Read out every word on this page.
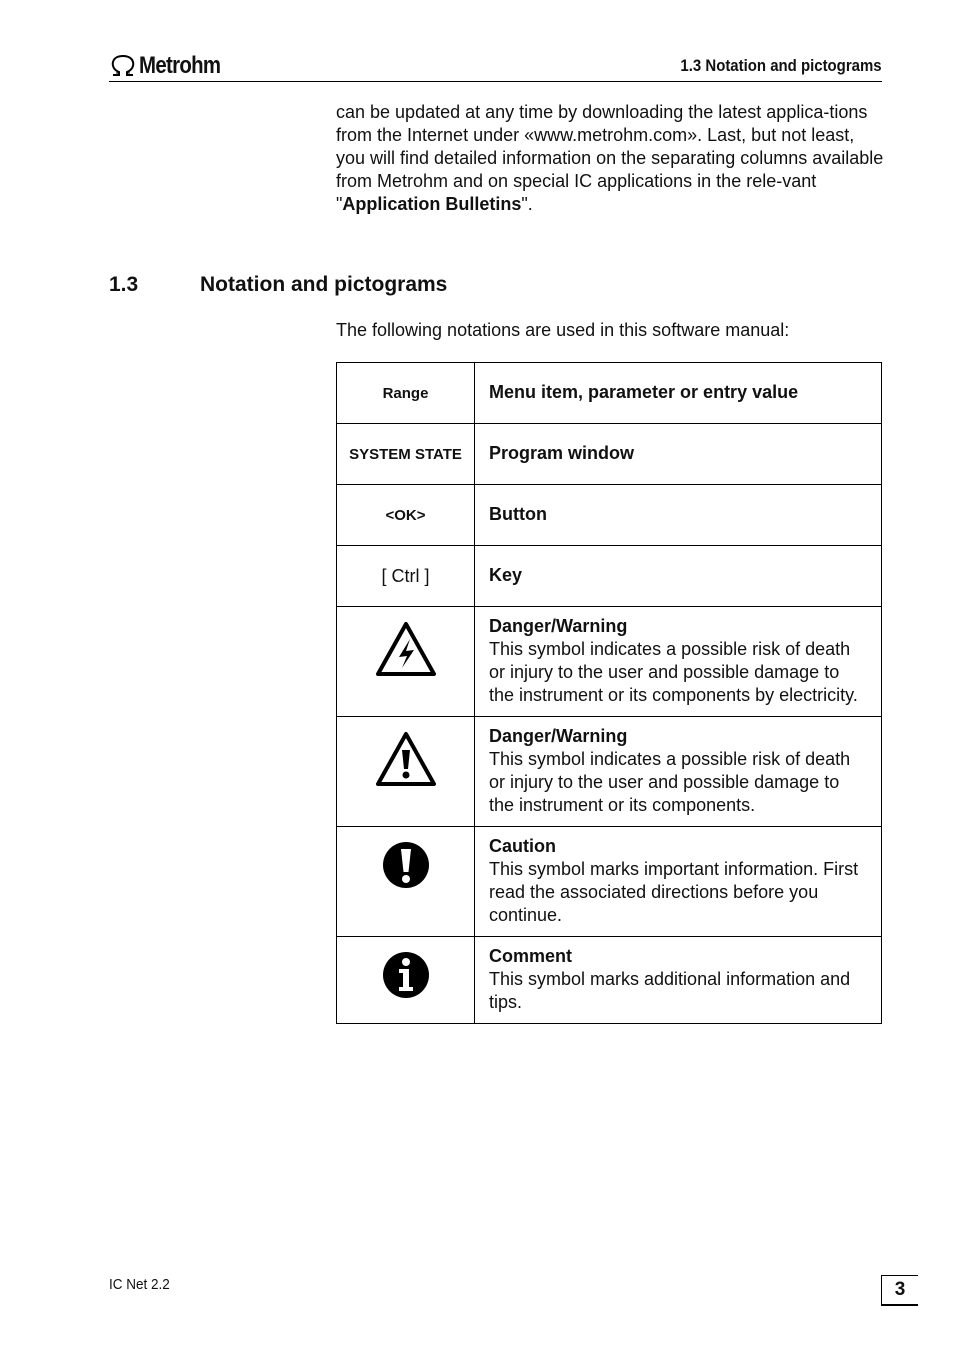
Metrohm	1.3 Notation and pictograms

can be updated at any time by downloading the latest applica-tions from the Internet under «www.metrohm.com». Last, but not least, you will find detailed information on the separating columns available from Metrohm and on special IC applications in the rele-vant "Application Bulletins".

1.3	Notation and pictograms
The following notations are used in this software manual:
Range	Menu item, parameter or entry value
SYSTEM STATE	Program window
<OK>	Button
[ Ctrl ]	Key

Danger/Warning
This symbol indicates a possible risk of death or injury to the user and possible damage to the instrument or its components by electricity.

Danger/Warning
This symbol indicates a possible risk of death or injury to the user and possible damage to the instrument or its components.

Caution
This symbol marks important information. First read the associated directions before you continue.

Comment
This symbol marks additional information and tips.
IC Net 2.2	3
